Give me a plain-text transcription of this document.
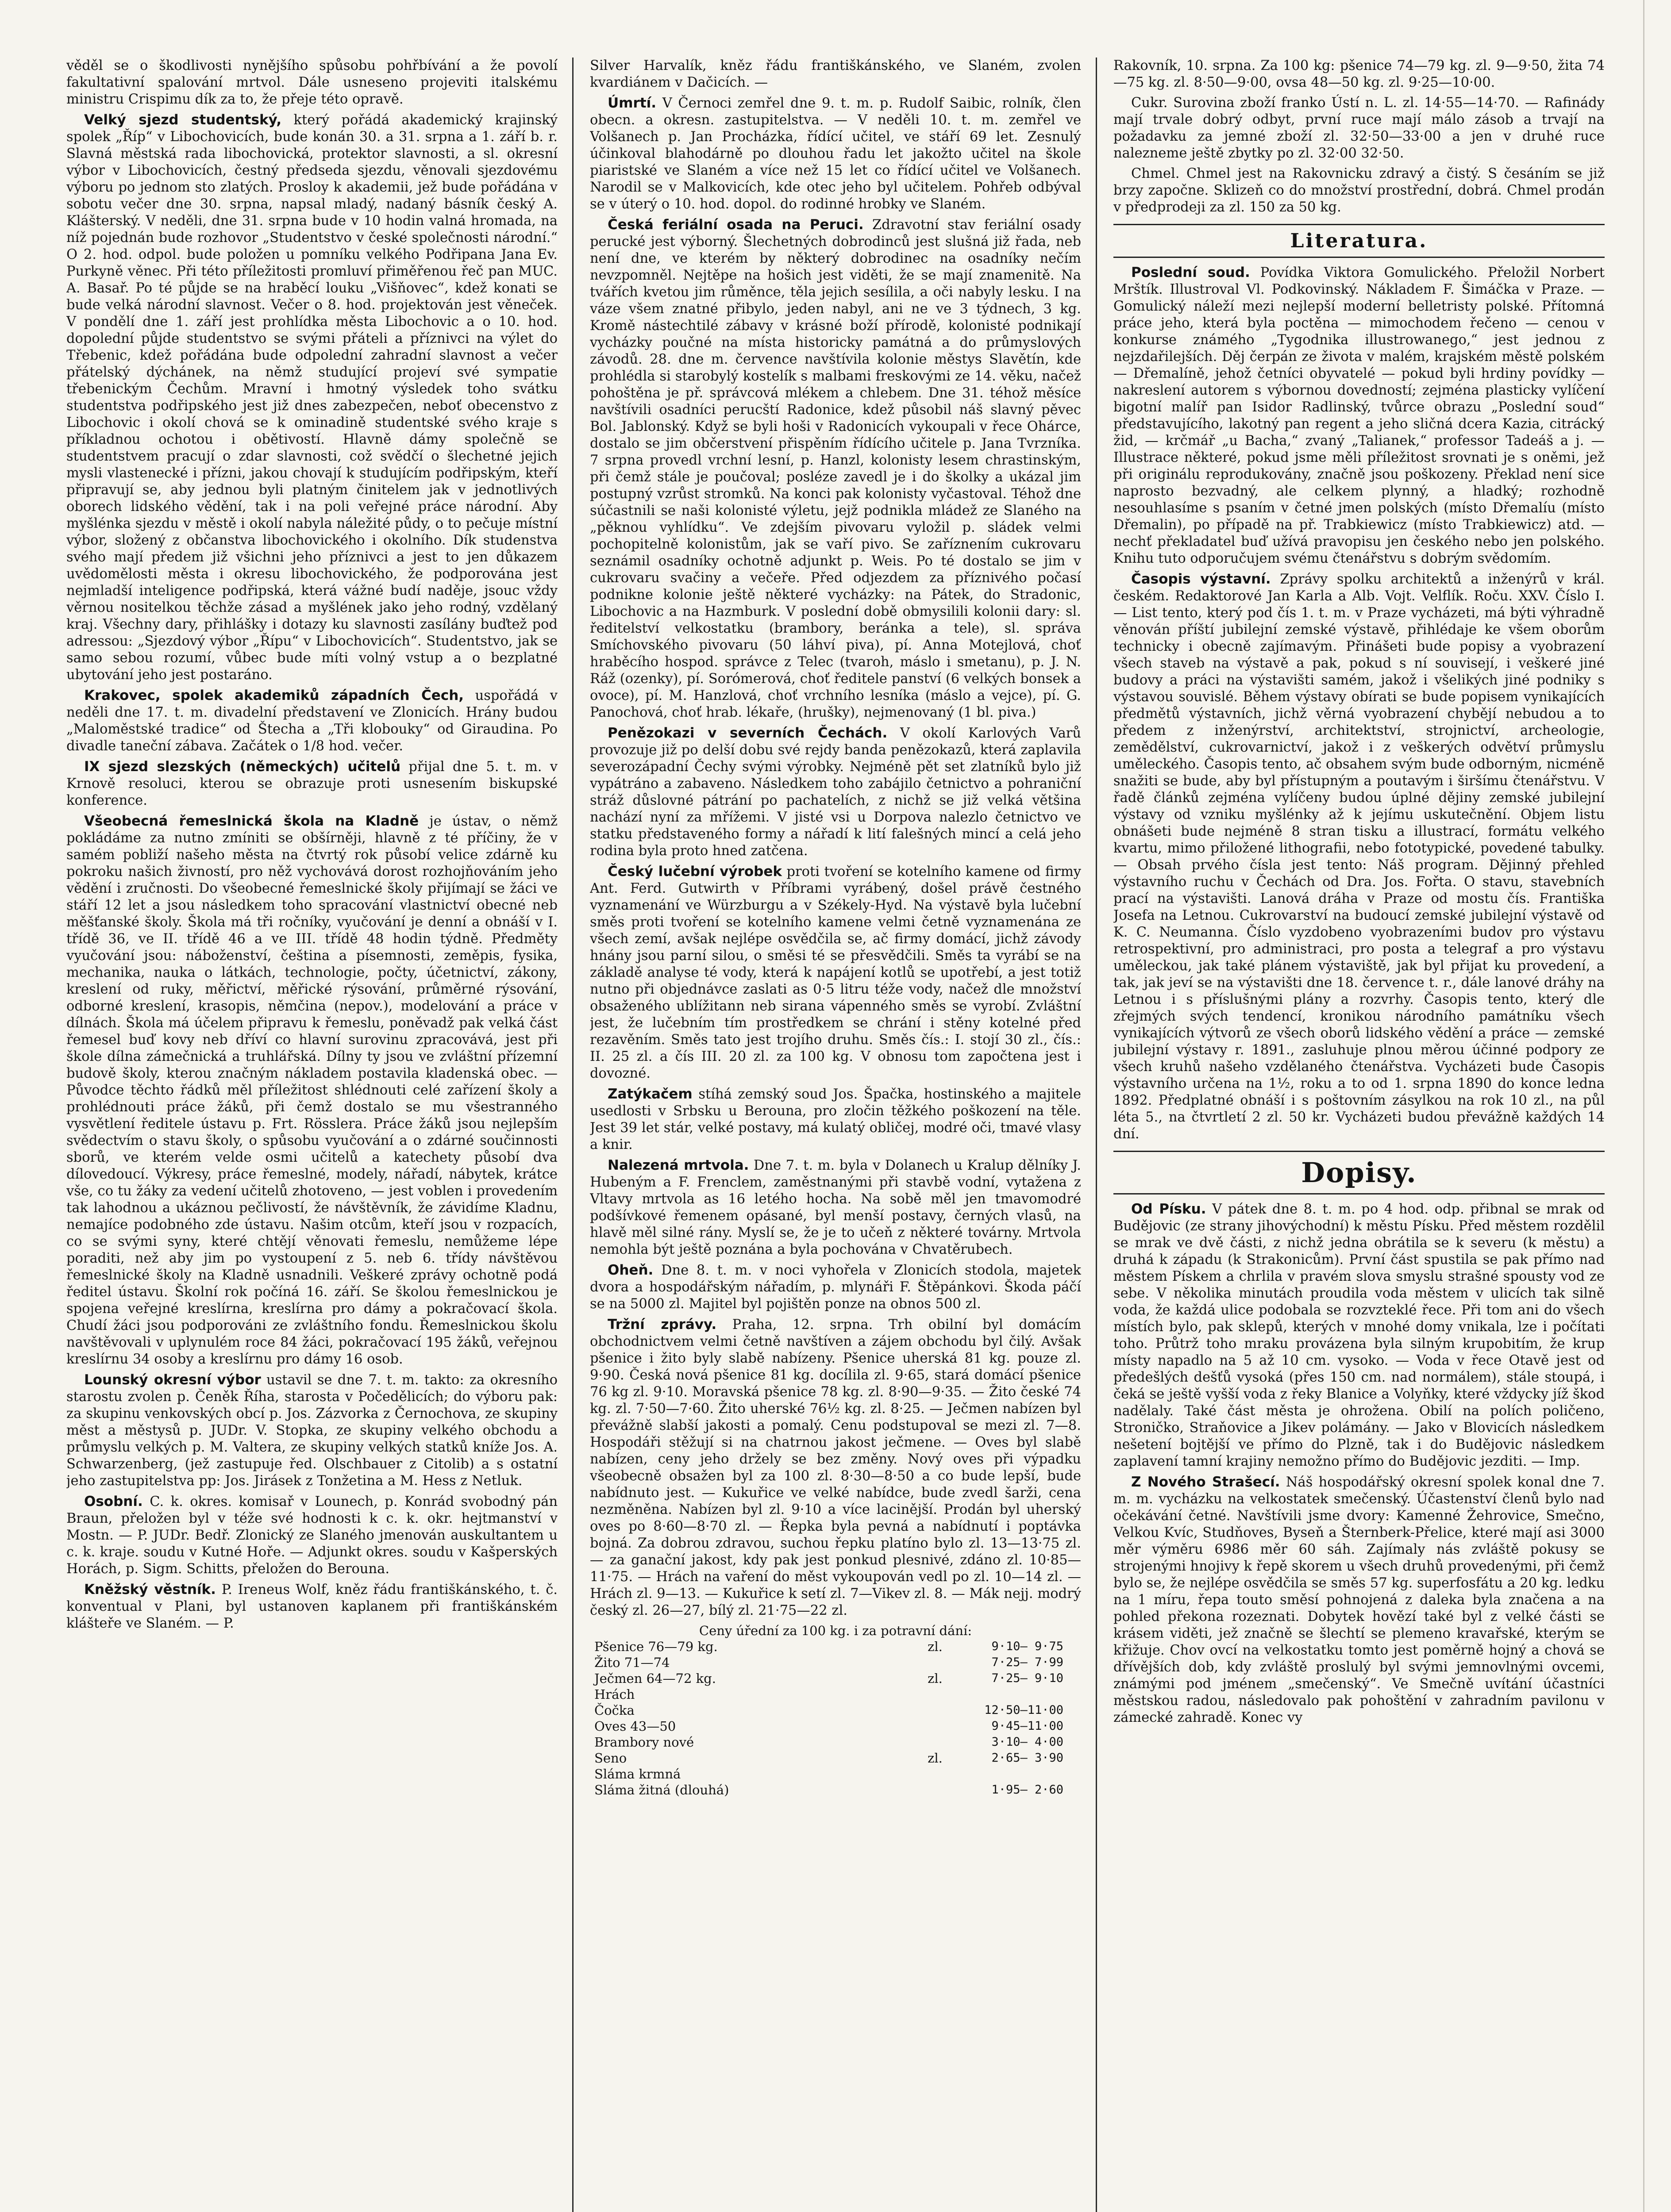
věděl se o škodlivosti nynějšího spůsobu pohřbívání a že povolí fakultativní spalování mrtvol. Dále usneseno projeviti italskému ministru Crispimu dík za to, že přeje této opravě.

Velký sjezd studentský, který pořádá akademický krajinský spolek „Říp“ v Libochovicích, bude konán 30. a 31. srpna a 1. září b. r. Slavná městská rada libochovická, protektor slavnosti, a sl. okresní výbor v Libochovicích, čestný předseda sjezdu, věnovali sjezdovému výboru po jednom sto zlatých. Prosloy k akademii, jež bude pořádána v sobotu večer dne 30. srpna, napsal mladý, nadaný básník český A. Klášterský. V neděli, dne 31. srpna bude v 10 hodin valná hromada, na níž pojednán bude rozhovor „Studentstvo v české společnosti národní.“ O 2. hod. odpol. bude položen u pomníku velkého Podřipana Jana Ev. Purkyně věnec. Při této příležitosti promluví přiměřenou řeč pan MUC. A. Basař. Po té půjde se na hraběcí louku „Višňovec“, kdež konati se bude velká národní slavnost. Večer o 8. hod. projektován jest věneček. V pondělí dne 1. září jest prohlídka města Libochovic a o 10. hod. dopolední půjde studentstvo se svými přáteli a příznivci na výlet do Třebenic, kdež pořádána bude odpolední zahradní slavnost a večer přátelský dýchánek, na němž studující projeví své sympatie třebenickým Čechům. Mravní i hmotný výsledek toho svátku studentstva podřipského jest již dnes zabezpečen, neboť obecenstvo z Libochovic i okolí chová se k ominadině studentské svého kraje s příkladnou ochotou i obětivostí. Hlavně dámy společně se studentstvem pracují o zdar slavnosti, což svědčí o šlechetné jejich mysli vlastenecké i přízni, jakou chovají k studujícím podřipským, kteří připravují se, aby jednou byli platným činitelem jak v jednotlivých oborech lidského vědění, tak i na poli veřejné práce národní. Aby myšlénka sjezdu v městě i okolí nabyla náležité půdy, o to pečuje místní výbor, složený z občanstva libochovického i okolního. Dík studenstva svého mají předem již všichni jeho příznivci a jest to jen důkazem uvědomělosti města i okresu libochovického, že podporována jest nejmladší inteligence podřipská, která vážné budí naděje, jsouc vždy věrnou nositelkou těchže zásad a myšlének jako jeho rodný, vzdělaný kraj. Všechny dary, přihlášky i dotazy ku slavnosti zasílány buďtež pod adressou: „Sjezdový výbor „Řípu“ v Libochovicích“. Studentstvo, jak se samo sebou rozumí, vůbec bude míti volný vstup a o bezplatné ubytování jeho jest postaráno.

Krakovec, spolek akademiků západních Čech, uspořádá v neděli dne 17. t. m. divadelní představení ve Zlonicích. Hrány budou „Maloměstské tradice“ od Štecha a „Tři klobouky“ od Giraudina. Po divadle taneční zábava. Začátek o 1/8 hod. večer.

IX sjezd slezských (německých) učitelů přijal dne 5. t. m. v Krnově resoluci, kterou se obrazuje proti usnesením biskupské konference.

Všeobecná řemeslnická škola na Kladně je ústav, o němž pokládáme za nutno zmíniti se obšírněji, hlavně z té příčiny, že v samém pobliží našeho města na čtvrtý rok působí velice zdárně ku pokroku našich živností, pro něž vychovává dorost rozhojňováním jeho vědění i zručnosti. Do všeobecné řemeslnické školy přijímají se žáci ve stáří 12 let a jsou následkem toho spracování vlastnictví obecné neb měšťanské školy. Škola má tři ročníky, vyučování je denní a obnáší v I. třídě 36, ve II. třídě 46 a ve III. třídě 48 hodin týdně. Předměty vyučování jsou: náboženství, čeština a písemnosti, zeměpis, fysika, mechanika, nauka o látkách, technologie, počty, účetnictví, zákony, kreslení od ruky, měřictví, měřické rýsování, průměrné rýsování, odborné kreslení, krasopis, němčina (nepov.), modelování a práce v dílnách. Škola má účelem připravu k řemeslu, poněvadž pak velká část řemesel buď kovy neb dříví co hlavní surovinu zpracovává, jest při škole dílna zámečnická a truhlářská. Dílny ty jsou ve zvláštní přízemní budově školy, kterou značným nákladem postavila kladenská obec. — Původce těchto řádků měl příležitost shlédnouti celé zařízení školy a prohlédnouti práce žáků, při čemž dostalo se mu všestranného vysvětlení ředitele ústavu p. Frt. Rösslera. Práce žáků jsou nejlepším svědectvím o stavu školy, o spůsobu vyučování a o zdárné součinnosti sborů, ve kterém velde osmi učitelů a katechety působí dva dílovedoucí. Výkresy, práce řemeslné, modely, nářadí, nábytek, krátce vše, co tu žáky za vedení učitelů zhotoveno, — jest voblen i provedením tak lahodnou a ukáznou pečlivostí, že návštěvník, že závidíme Kladnu, nemajíce podobného zde ústavu. Našim otcům, kteří jsou v rozpacích, co se svými syny, které chtějí věnovati řemeslu, nemůžeme lépe poraditi, než aby jim po vystoupení z 5. neb 6. třídy návštěvou řemeslnické školy na Kladně usnadnili. Veškeré zprávy ochotně podá ředitel ústavu. Školní rok počíná 16. září. Se školou řemeslnickou je spojena veřejné kreslírna, kreslírna pro dámy a pokračovací škola. Chudí žáci jsou podporováni ze zvláštního fondu. Řemeslnickou školu navštěvovali v uplynulém roce 84 žáci, pokračovací 195 žáků, veřejnou kreslírnu 34 osoby a kreslírnu pro dámy 16 osob.

Lounský okresní výbor ustavil se dne 7. t. m. takto: za okresního starostu zvolen p. Čeněk Říha, starosta v Počedělicích; do výboru pak: za skupinu venkovských obcí p. Jos. Zázvorka z Černochova, ze skupiny měst a městysů p. JUDr. V. Stopka, ze skupiny velkého obchodu a průmyslu velkých p. M. Valtera, ze skupiny velkých statků kníže Jos. A. Schwarzenberg, (jež zastupuje řed. Olschbauer z Citolib) a s ostatní jeho zastupitelstva pp: Jos. Jirásek z Tonžetina a M. Hess z Netluk.

Osobní. C. k. okres. komisař v Lounech, p. Konrád svobodný pán Braun, přeložen byl v téže své hodnosti k c. k. okr. hejtmanství v Mostn. — P. JUDr. Bedř. Zlonický ze Slaného jmenován auskultantem u c. k. kraje. soudu v Kutné Hoře. — Adjunkt okres. soudu v Kašperských Horách, p. Sigm. Schitts, přeložen do Berouna.

Kněžský věstník. P. Ireneus Wolf, kněz řádu františkánského, t. č. konventual v Plani, byl ustanoven kaplanem při františkánském klášteře ve Slaném. — P.

Silver Harvalík, kněz řádu františkánského, ve Slaném, zvolen kvardiánem v Dačicích. —

Úmrtí. V Černoci zemřel dne 9. t. m. p. Rudolf Saibic, rolník, člen obecn. a okresn. zastupitelstva. — V neděli 10. t. m. zemřel ve Volšanech p. Jan Procházka, řídící učitel, ve stáří 69 let. Zesnulý účinkoval blahodárně po dlouhou řadu let jakožto učitel na škole piaristské ve Slaném a více než 15 let co řídící učitel ve Volšanech. Narodil se v Malkovicích, kde otec jeho byl učitelem. Pohřeb odbýval se v úterý o 10. hod. dopol. do rodinné hrobky ve Slaném.

Česká feriální osada na Peruci. Zdravotní stav feriální osady perucké jest výborný. Šlechetných dobrodinců jest slušná již řada, neb není dne, ve kterém by některý dobrodinec na osadníky nečím nevzpomněl. Nejtěpe na hošich jest viděti, že se mají znamenitě. Na tvářích kvetou jim růměnce, těla jejich sesílila, a oči nabyly lesku. I na váze všem znatné přibylo, jeden nabyl, ani ne ve 3 týdnech, 3 kg. Kromě nástechtilé zábavy v krásné boží přírodě, kolonisté podnikají vycházky poučné na místa historicky památná a do průmyslových závodů. 28. dne m. července navštívila kolonie městys Slavětín, kde prohlédla si starobylý kostelík s malbami freskovými ze 14. věku, načež pohoštěna je př. správcová mlékem a chlebem. Dne 31. téhož měsíce navštívili osadníci perucští Radonice, kdež působil náš slavný pěvec Bol. Jablonský. Když se byli hoši v Radonicích vykoupali v řece Ohárce, dostalo se jim občerstvení přispěním řídícího učitele p. Jana Tvrzníka. 7 srpna provedl vrchní lesní, p. Hanzl, kolonisty lesem chrastinským, při čemž stále je poučoval; posléze zavedl je i do školky a ukázal jim postupný vzrůst stromků. Na konci pak kolonisty vyčastoval. Téhož dne súčastnili se naši kolonisté výletu, jejž podnikla mládež ze Slaného na „pěknou vyhlídku“. Ve zdejším pivovaru vyložil p. sládek velmi pochopitelně kolonistům, jak se vaří pivo. Se zaříznením cukrovaru seznámil osadníky ochotně adjunkt p. Weis. Po té dostalo se jim v cukrovaru svačiny a večeře. Před odjezdem za příznivého počasí podnikne kolonie ještě některé vycházky: na Pátek, do Stradonic, Libochovic a na Hazmburk. V poslední době obmysilili kolonii dary: sl. ředitelství velkostatku (brambory, beránka a tele), sl. správa Smíchovského pivovaru (50 láhví piva), pí. Anna Motejlová, choť hraběcího hospod. správce z Telec (tvaroh, máslo i smetanu), p. J. N. Ráž (ozenky), pí. Sorómerová, choť ředitele panství (6 velkých bonsek a ovoce), pí. M. Hanzlová, choť vrchního lesníka (máslo a vejce), pí. G. Panochová, choť hrab. lékaře, (hrušky), nejmenovaný (1 bl. piva.)

Penězokazi v severních Čechách. V okolí Karlových Varů provozuje již po delší dobu své rejdy banda penězokazů, která zaplavila severozápadní Čechy svými výrobky. Nejméně pět set zlatníků bylo již vypátráno a zabaveno. Následkem toho zabájilo četnictvo a pohraniční stráž důslovné pátrání po pachatelích, z nichž se již velká většina nachází nyní za mřížemi. V jisté vsi u Dorpova nalezlo četnictvo ve statku představeného formy a nářadí k lití falešných mincí a celá jeho rodina byla proto hned zatčena.

Český lučební výrobek proti tvoření se kotelního kamene od firmy Ant. Ferd. Gutwirth v Příbrami vyrábený, došel právě čestného vyznamenání ve Würzburgu a v Székely-Hyd. Na výstavě byla lučební směs proti tvoření se kotelního kamene velmi četně vyznamenána ze všech zemí, avšak nejlépe osvědčila se, ač firmy domácí, jichž závody hnány jsou parní silou, o směsi té se přesvědčili. Směs ta vyrábí se na základě analyse té vody, která k napájení kotlů se upotřebí, a jest totiž nutno při objednávce zaslati as 0·5 litru téže vody, načež dle množství obsaženého ublížitann neb sirana vápenného směs se vyrobí. Zvláštní jest, že lučebním tím prostředkem se chrání i stěny kotelné před rezavěním. Směs tato jest trojího druhu. Směs čís.: I. stojí 30 zl., čís.: II. 25 zl. a čís III. 20 zl. za 100 kg. V obnosu tom započtena jest i dovozné.

Zatýkačem stíhá zemský soud Jos. Špačka, hostinského a majitele usedlosti v Srbsku u Berouna, pro zločin těžkého poškození na těle. Jest 39 let stár, velké postavy, má kulatý obličej, modré oči, tmavé vlasy a knir.

Nalezená mrtvola. Dne 7. t. m. byla v Dolanech u Kralup dělníky J. Hubeným a F. Frenclem, zaměstnanými při stavbě vodní, vytažena z Vltavy mrtvola as 16 letého hocha. Na sobě měl jen tmavomodré podšívkové řemenem opásané, byl menší postavy, černých vlasů, na hlavě měl silné rány. Myslí se, že je to učeň z některé továrny. Mrtvola nemohla být ještě poznána a byla pochována v Chvatěrubech.

Oheň. Dne 8. t. m. v noci vyhořela v Zlonicích stodola, majetek dvora a hospodářským nářadím, p. mlynáři F. Štěpánkovi. Škoda páčí se na 5000 zl. Majitel byl pojištěn ponze na obnos 500 zl.

Tržní zprávy. Praha, 12. srpna. Trh obilní byl domácím obchodnictvem velmi četně navštíven a zájem obchodu byl čilý. Avšak pšenice i žito byly slabě nabízeny. Pšenice uherská 81 kg. pouze zl. 9·90. Česká nová pšenice 81 kg. docílila zl. 9·65, stará domácí pšenice 76 kg zl. 9·10. Moravská pšenice 78 kg. zl. 8·90—9·35. — Žito české 74 kg. zl. 7·50—7·60. Žito uherské 76½ kg. zl. 8·25. — Ječmen nabízen byl převážně slabší jakosti a pomalý. Cenu podstupoval se mezi zl. 7—8. Hospodáři stěžují si na chatrnou jakost ječmene. — Oves byl slabě nabízen, ceny jeho držely se bez změny. Nový oves při výpadku všeobecně obsažen byl za 100 zl. 8·30—8·50 a co bude lepší, bude nabídnuto jest. — Kukuřice ve velké nabídce, bude zvedl šarži, cena nezměněna. Nabízen byl zl. 9·10 a více lacinější. Prodán byl uherský oves po 8·60—8·70 zl. — Řepka byla pevná a nabídnutí i poptávka bojná. Za dobrou zdravou, suchou řepku platíno bylo zl. 13—13·75 zl. — za ganační jakost, kdy pak jest ponkud plesnivé, zdáno zl. 10·85—11·75. — Hrách na vaření do měst vykoupován vedl po zl. 10—14 zl. — Hrách zl. 9—13. — Kukuřice k setí zl. 7—Vikev zl. 8. — Mák nejj. modrý český zl. 26—27, bílý zl. 21·75—22 zl.

Ceny úřední za 100 kg. i za potravní dání:
Pšenice 76—79 kg.	zl.	9·10— 9·75
Žito 71—74	7·25— 7·99
Ječmen 64—72 kg.	zl.	7·25— 9·10
Hrách
Čočka	12·50—11·00
Oves 43—50	9·45—11·00
Brambory nové	3·10— 4·00
Seno	zl.	2·65— 3·90
Sláma krmná
Sláma žitná (dlouhá)	1·95— 2·60

Rakovník, 10. srpna. Za 100 kg: pšenice 74—79 kg. zl. 9—9·50, žita 74—75 kg. zl. 8·50—9·00, ovsa 48—50 kg. zl. 9·25—10·00.

Cukr. Surovina zboží franko Ústí n. L. zl. 14·55—14·70. — Rafinády mají trvale dobrý odbyt, první ruce mají málo zásob a trvají na požadavku za jemné zboží zl. 32·50—33·00 a jen v druhé ruce nalezneme ještě zbytky po zl. 32·00 32·50.

Chmel. Chmel jest na Rakovnicku zdravý a čistý. S česáním se již brzy započne. Sklizeň co do množství prostřední, dobrá. Chmel prodán v předprodeji za zl. 150 za 50 kg.

Literatura.

Poslední soud. Povídka Viktora Gomulického. Přeložil Norbert Mrštík. Illustroval Vl. Podkovinský. Nákladem F. Šimáčka v Praze. — Gomulický náleží mezi nejlepší moderní belletristy polské. Přítomná práce jeho, která byla poctěna — mimochodem řečeno — cenou v konkurse známého „Tygodnika illustrowanego,“ jest jednou z nejzdařilejších. Děj čerpán ze života v malém, krajském městě polském — Dřemalíně, jehož četníci obyvatelé — pokud byli hrdiny povídky — nakreslení autorem s výbornou dovedností; zejména plasticky vylíčení bigotní malíř pan Isidor Radlinský, tvůrce obrazu „Poslední soud“ představujícího, lakotný pan regent a jeho sličná dcera Kazia, citrácký žid, — krčmář „u Bacha,“ zvaný „Talianek,“ professor Tadeáš a j. — Illustrace některé, pokud jsme měli příležitost srovnati je s oněmi, jež při originálu reprodukovány, značně jsou poškozeny. Překlad není sice naprosto bezvadný, ale celkem plynný, a hladký; rozhodně nesouhlasíme s psaním v četné jmen polských (místo Dřemalíu (místo Dřemalin), po případě na př. Trabkiewicz (místo Trabkiewicz) atd. — nechť překladatel buď užívá pravopisu jen českého nebo jen polského. Knihu tuto odporučujem svému čtenářstvu s dobrým svědomím.

Časopis výstavní. Zprávy spolku architektů a inženýrů v král. českém. Redaktorové Jan Karla a Alb. Vojt. Velflík. Roču. XXV. Číslo I. — List tento, který pod čís 1. t. m. v Praze vycházeti, má býti výhradně věnován příští jubilejní zemské výstavě, přihlédaje ke všem oborům technicky i obecně zajímavým. Přinášeti bude popisy a vyobrazení všech staveb na výstavě a pak, pokud s ní souvisejí, i veškeré jiné budovy a práci na výstavišti samém, jakož i všelikých jiné podniky s výstavou souvislé. Během výstavy obírati se bude popisem vynikajících předmětů výstavních, jichž věrná vyobrazení chybějí nebudou a to předem z inženýrství, architektství, strojnictví, archeologie, zemědělství, cukrovarnictví, jakož i z veškerých odvětví průmyslu uměleckého. Časopis tento, ač obsahem svým bude odborným, nicméně snažiti se bude, aby byl přístupným a poutavým i širšímu čtenářstvu. V řadě článků zejména vylíčeny budou úplné dějiny zemské jubilejní výstavy od vzniku myšlénky až k jejímu uskutečnění. Objem listu obnášeti bude nejméně 8 stran tisku a illustrací, formátu velkého kvartu, mimo přiložené lithografii, nebo fototypické, povedené tabulky. — Obsah prvého čísla jest tento: Náš program. Dějinný přehled výstavního ruchu v Čechách od Dra. Jos. Fořta. O stavu, stavebních prací na výstavišti. Lanová dráha v Praze od mostu čís. Františka Josefa na Letnou. Cukrovarství na budoucí zemské jubilejní výstavě od K. C. Neumanna. Číslo vyzdobeno vyobrazeními budov pro výstavu retrospektivní, pro administraci, pro posta a telegraf a pro výstavu uměleckou, jak také plánem výstaviště, jak byl přijat ku provedení, a tak, jak jeví se na výstavišti dne 18. července t. r., dále lanové dráhy na Letnou i s příslušnými plány a rozvrhy. Časopis tento, který dle zřejmých svých tendencí, kronikou národního památníku všech vynikajících výtvorů ze všech oborů lidského vědění a práce — zemské jubilejní výstavy r. 1891., zasluhuje plnou měrou účinné podpory ze všech kruhů našeho vzdělaného čtenářstva. Vycházeti bude Časopis výstavního určena na 1½, roku a to od 1. srpna 1890 do konce ledna 1892. Předplatné obnáší i s poštovním zásylkou na rok 10 zl., na půl léta 5., na čtvrtletí 2 zl. 50 kr. Vycházeti budou převážně každých 14 dní.

Dopisy.

Od Písku. V pátek dne 8. t. m. po 4 hod. odp. přibnal se mrak od Budějovic (ze strany jihovýchodní) k městu Písku. Před městem rozdělil se mrak ve dvě části, z nichž jedna obrátila se k severu (k městu) a druhá k západu (k Strakonicům). První část spustila se pak přímo nad městem Pískem a chrlila v pravém slova smyslu strašné spousty vod ze sebe. V několika minutách proudila voda městem v ulicích tak silně voda, že každá ulice podobala se rozvzteklé řece. Při tom ani do všech místích bylo, pak sklepů, kterých v mnohé domy vnikala, lze i počítati toho. Průtrž toho mraku provázena byla silným krupobitím, že krup místy napadlo na 5 až 10 cm. vysoko. — Voda v řece Otavě jest od předešlých dešťů vysoká (přes 150 cm. nad normálem), stále stoupá, i čeká se ještě vyšší voda z řeky Blanice a Volyňky, které vždycky jíž škod nadělaly. Také část města je ohrožena. Obilí na polích poličeno, Stroničko, Straňovice a Jikev polámány. — Jako v Blovicích následkem nešetení bojtější ve přímo do Plzně, tak i do Budějovic následkem zaplavení tamní krajiny nemožno přímo do Budějovic jezditi. — Imp.

Z Nového Strašecí. Náš hospodářský okresní spolek konal dne 7. m. m. vycházku na velkostatek smečenský. Účastenství členů bylo nad očekávání četné. Navštívili jsme dvory: Kamenné Žehrovice, Smečno, Velkou Kvíc, Studňoves, Byseň a Šternberk-Přelice, které mají asi 3000 měr výměru 6986 měr 60 sáh. Zajímaly nás zvláště pokusy se strojenými hnojivy k řepě skorem u všech druhů provedenými, při čemž bylo se, že nejlépe osvědčila se směs 57 kg. superfosfátu a 20 kg. ledku na 1 míru, řepa touto směsí pohnojená z daleka byla značena a na pohled překona rozeznati. Dobytek hovězí také byl z velké části se krásem viděti, jež značně se šlechtí se plemeno kravařské, kterým se křižuje. Chov ovcí na velkostatku tomto jest poměrně hojný a chová se dřívějších dob, kdy zvláště proslulý byl svými jemnovlnými ovcemi, známými pod jménem „smečenský“. Ve Smečně uvítání účastníci městskou radou, následovalo pak pohoštění v zahradním pavilonu v zámecké zahradě. Konec vy
